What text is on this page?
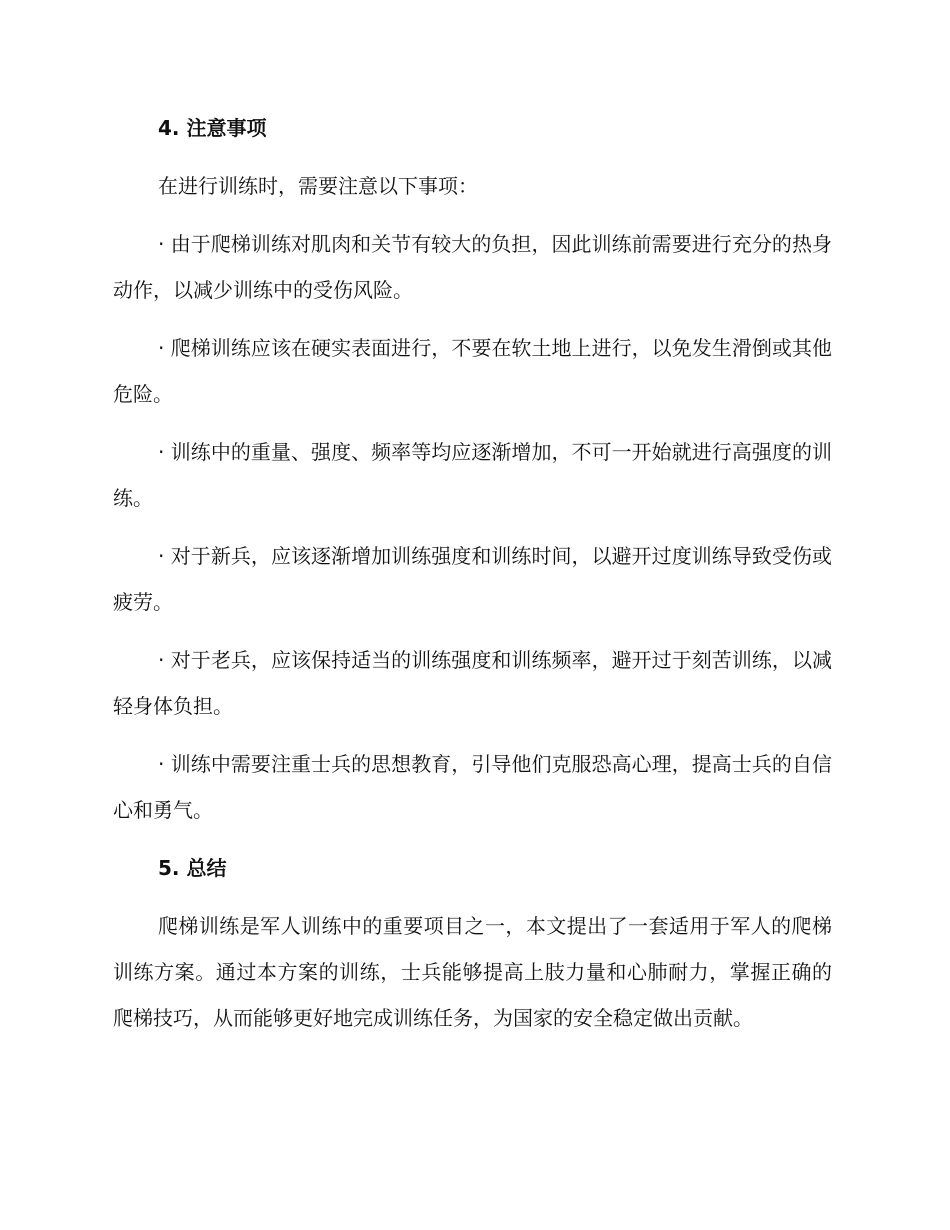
4. 注意事项
在进行训练时，需要注意以下事项：
· 由于爬梯训练对肌肉和关节有较大的负担，因此训练前需要进行充分的热身动作，以减少训练中的受伤风险。
· 爬梯训练应该在硬实表面进行，不要在软土地上进行，以免发生滑倒或其他危险。
· 训练中的重量、强度、频率等均应逐渐增加，不可一开始就进行高强度的训练。
· 对于新兵，应该逐渐增加训练强度和训练时间，以避开过度训练导致受伤或疲劳。
· 对于老兵，应该保持适当的训练强度和训练频率，避开过于刻苦训练，以减轻身体负担。
· 训练中需要注重士兵的思想教育，引导他们克服恐高心理，提高士兵的自信心和勇气。
5. 总结
爬梯训练是军人训练中的重要项目之一，本文提出了一套适用于军人的爬梯训练方案。通过本方案的训练，士兵能够提高上肢力量和心肺耐力，掌握正确的爬梯技巧，从而能够更好地完成训练任务，为国家的安全稳定做出贡献。
